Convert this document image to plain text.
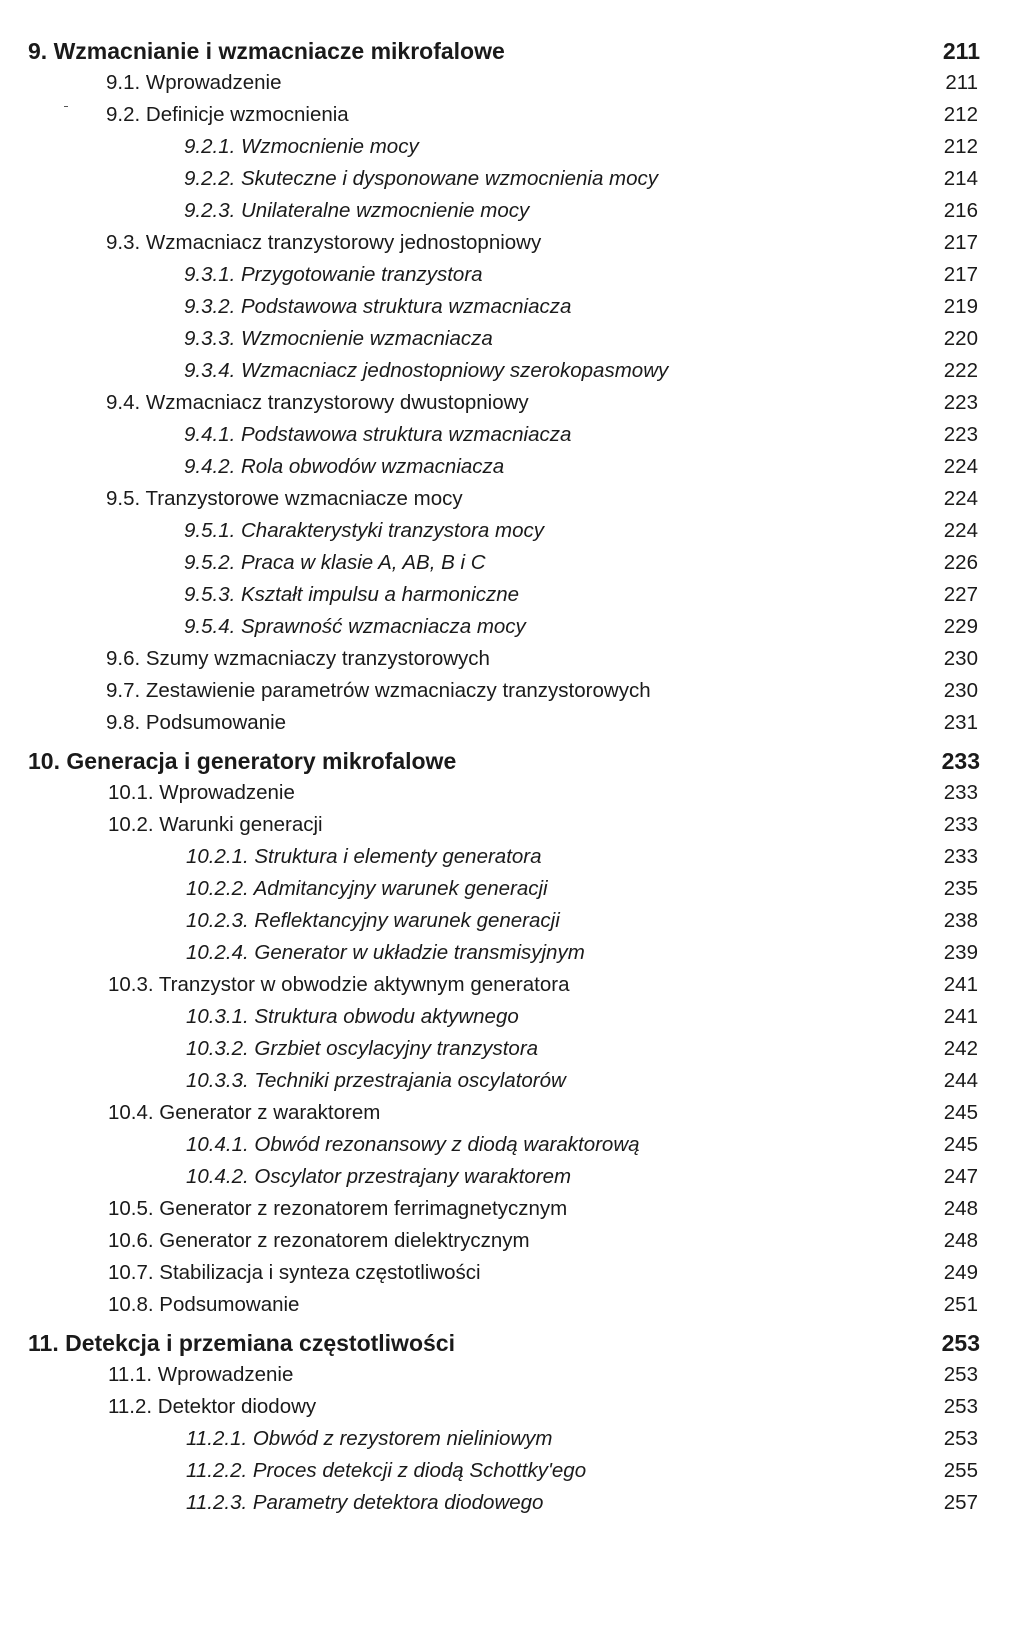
9. Wzmacnianie i wzmacniacze mikrofalowe	211
9.1. Wprowadzenie	211
9.2. Definicje wzmocnienia	212
9.2.1. Wzmocnienie mocy	212
9.2.2. Skuteczne i dysponowane wzmocnienia mocy	214
9.2.3. Unilateralne wzmocnienie mocy	216
9.3. Wzmacniacz tranzystorowy jednostopniowy	217
9.3.1. Przygotowanie tranzystora	217
9.3.2. Podstawowa struktura wzmacniacza	219
9.3.3. Wzmocnienie wzmacniacza	220
9.3.4. Wzmacniacz jednostopniowy szerokopasmowy	222
9.4. Wzmacniacz tranzystorowy dwustopniowy	223
9.4.1. Podstawowa struktura wzmacniacza	223
9.4.2. Rola obwodów wzmacniacza	224
9.5. Tranzystorowe wzmacniacze mocy	224
9.5.1. Charakterystyki tranzystora mocy	224
9.5.2. Praca w klasie A, AB, B i C	226
9.5.3. Kształt impulsu a harmoniczne	227
9.5.4. Sprawność wzmacniacza mocy	229
9.6. Szumy wzmacniaczy tranzystorowych	230
9.7. Zestawienie parametrów wzmacniaczy tranzystorowych	230
9.8. Podsumowanie	231
10. Generacja i generatory mikrofalowe	233
10.1. Wprowadzenie	233
10.2. Warunki generacji	233
10.2.1. Struktura i elementy generatora	233
10.2.2. Admitancyjny warunek generacji	235
10.2.3. Reflektancyjny warunek generacji	238
10.2.4. Generator w układzie transmisyjnym	239
10.3. Tranzystor w obwodzie aktywnym generatora	241
10.3.1. Struktura obwodu aktywnego	241
10.3.2. Grzbiet oscylacyjny tranzystora	242
10.3.3. Techniki przestrajania oscylatorów	244
10.4. Generator z waraktorem	245
10.4.1. Obwód rezonansowy z diodą waraktorową	245
10.4.2. Oscylator przestrajany waraktorem	247
10.5. Generator z rezonatorem ferrimagnetycznym	248
10.6. Generator z rezonatorem dielektrycznym	248
10.7. Stabilizacja i synteza częstotliwości	249
10.8. Podsumowanie	251
11. Detekcja i przemiana częstotliwości	253
11.1. Wprowadzenie	253
11.2. Detektor diodowy	253
11.2.1. Obwód z rezystorem nieliniowym	253
11.2.2. Proces detekcji z diodą Schottky'ego	255
11.2.3. Parametry detektora diodowego	257
